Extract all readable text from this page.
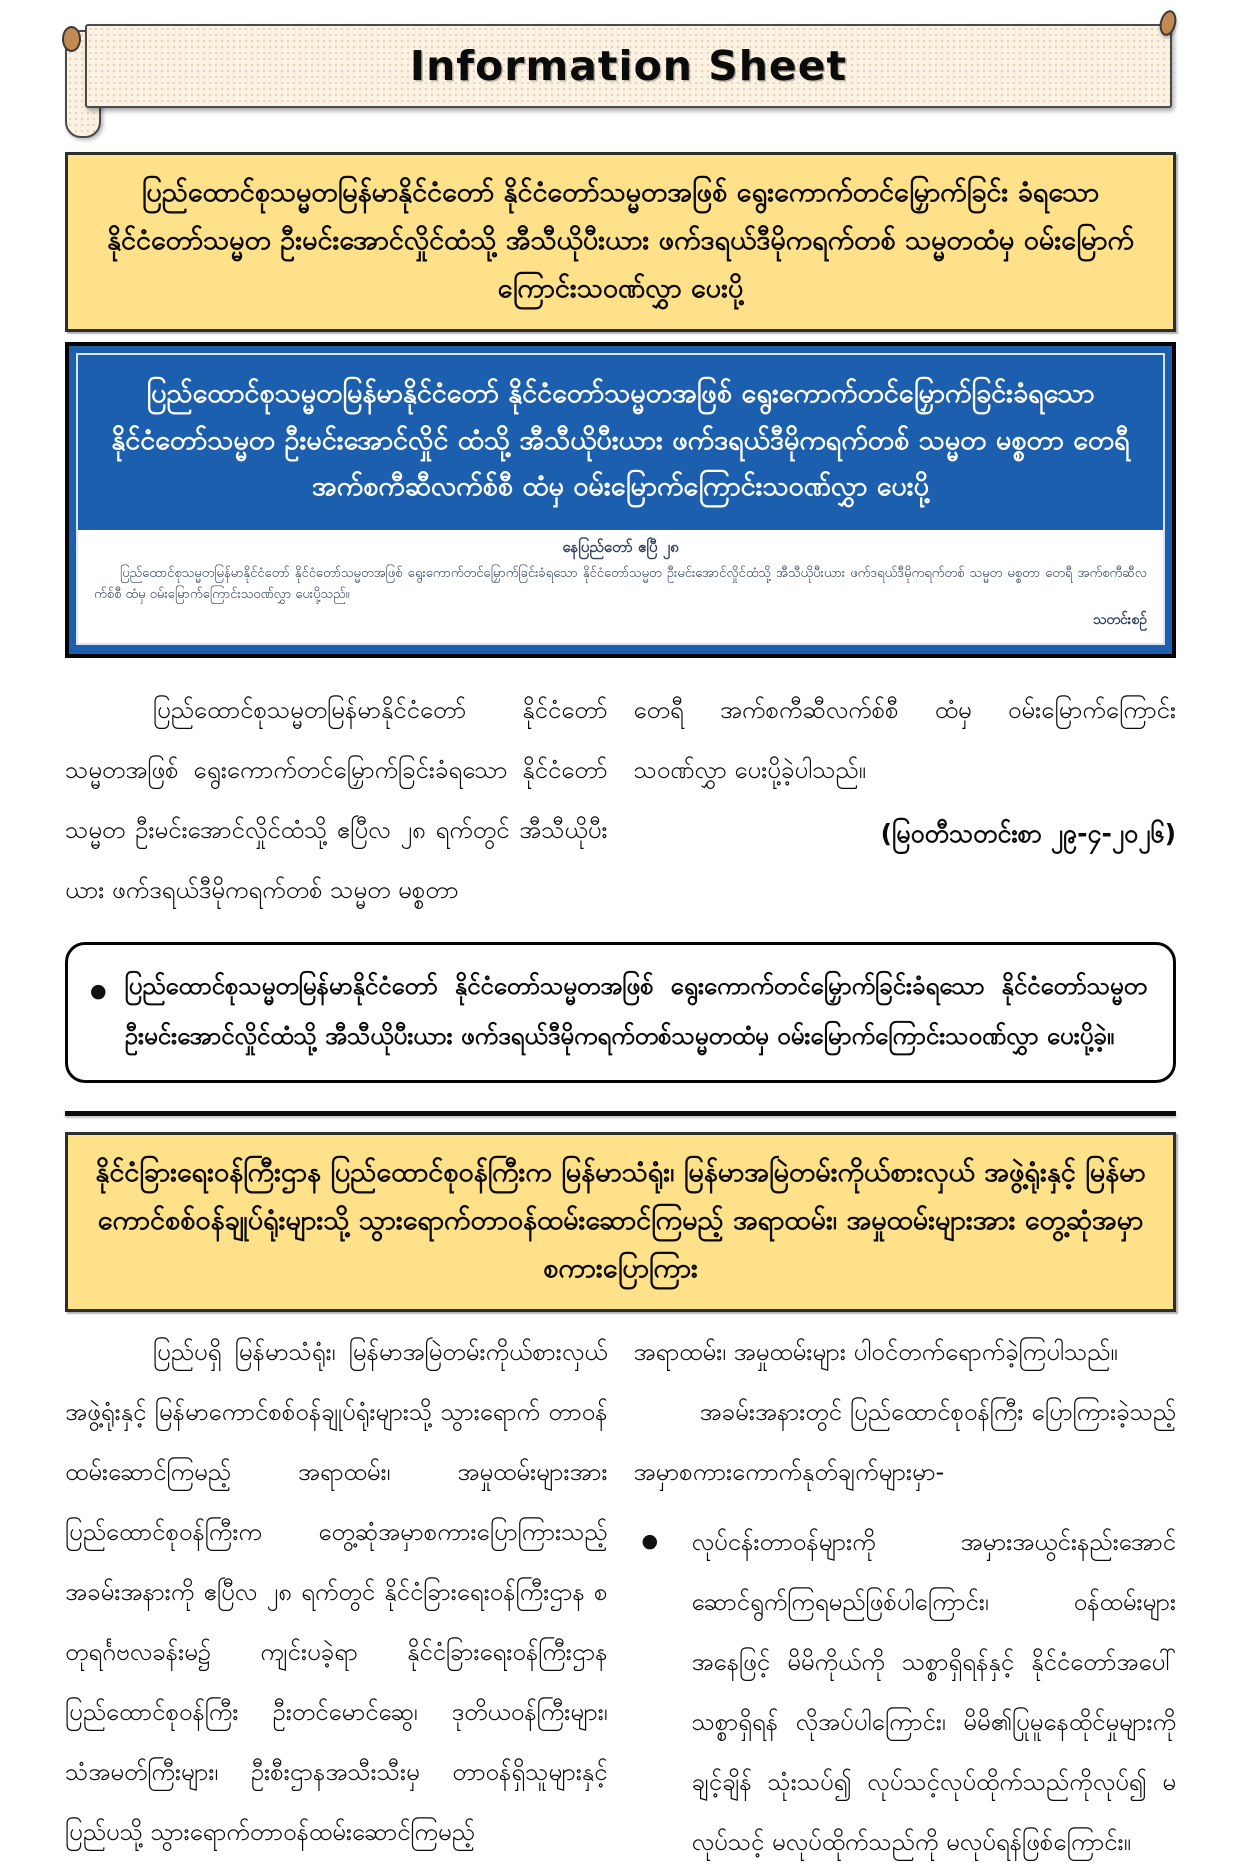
Information Sheet

ပြည်ထောင်စုသမ္မတမြန်မာနိုင်ငံတော် နိုင်ငံတော်သမ္မတအဖြစ် ရွေးကောက်တင်မြှောက်ခြင်း ခံရသော နိုင်ငံတော်သမ္မတ ဦးမင်းအောင်လှိုင်ထံသို့ အီသီယိုပီးယား ဖက်ဒရယ်ဒီမိုကရက်တစ် သမ္မတထံမှ ဝမ်းမြောက်ကြောင်းသဝဏ်လွှာ ပေးပို့

ပြည်ထောင်စုသမ္မတမြန်မာနိုင်ငံတော် နိုင်ငံတော်သမ္မတအဖြစ် ရွေးကောက်တင်မြှောက်ခြင်းခံရသော နိုင်ငံတော်သမ္မတ ဦးမင်းအောင်လှိုင် ထံသို့ အီသီယိုပီးယား ဖက်ဒရယ်ဒီမိုကရက်တစ် သမ္မတ မစ္စတာ တေရီ အက်စကီဆီလက်စ်စီ ထံမှ ဝမ်းမြောက်ကြောင်းသဝဏ်လွှာ ပေးပို့

နေပြည်တော် ဧပြီ ၂၈

ပြည်ထောင်စုသမ္မတမြန်မာနိုင်ငံတော် နိုင်ငံတော်သမ္မတအဖြစ် ရွေးကောက်တင်မြှောက်ခြင်းခံရသော နိုင်ငံတော်သမ္မတ ဦးမင်းအောင်လှိုင်ထံသို့ အီသီယိုပီးယား ဖက်ဒရယ်ဒီမိုကရက်တစ် သမ္မတ မစ္စတာ တေရီ အက်စကီဆီလက်စ်စီ ထံမှ ဝမ်းမြောက်ကြောင်းသဝဏ်လွှာ ပေးပို့သည်။

သတင်းစဉ်

ပြည်ထောင်စုသမ္မတမြန်မာနိုင်ငံတော် နိုင်ငံတော်သမ္မတအဖြစ် ရွေးကောက်တင်မြှောက်ခြင်းခံရသော နိုင်ငံတော်သမ္မတ ဦးမင်းအောင်လှိုင်ထံသို့ ဧပြီလ ၂၈ ရက်တွင် အီသီယိုပီးယား ဖက်ဒရယ်ဒီမိုကရက်တစ် သမ္မတ မစ္စတာ

တေရီ အက်စကီဆီလက်စ်စီ ထံမှ ဝမ်းမြောက်ကြောင်း သဝဏ်လွှာ ပေးပို့ခဲ့ပါသည်။

(မြဝတီသတင်းစာ ၂၉-၄-၂၀၂၆)

● ပြည်ထောင်စုသမ္မတမြန်မာနိုင်ငံတော် နိုင်ငံတော်သမ္မတအဖြစ် ရွေးကောက်တင်မြှောက်ခြင်းခံရသော နိုင်ငံတော်သမ္မတ ဦးမင်းအောင်လှိုင်ထံသို့ အီသီယိုပီးယား ဖက်ဒရယ်ဒီမိုကရက်တစ်သမ္မတထံမှ ဝမ်းမြောက်ကြောင်းသဝဏ်လွှာ ပေးပို့ခဲ့။

နိုင်ငံခြားရေးဝန်ကြီးဌာန ပြည်ထောင်စုဝန်ကြီးက မြန်မာသံရုံး၊ မြန်မာအမြဲတမ်းကိုယ်စားလှယ် အဖွဲ့ရုံးနှင့် မြန်မာကောင်စစ်ဝန်ချုပ်ရုံးများသို့ သွားရောက်တာဝန်ထမ်းဆောင်ကြမည့် အရာထမ်း၊ အမှုထမ်းများအား တွေ့ဆုံအမှာစကားပြောကြား

ပြည်ပရှိ မြန်မာသံရုံး၊ မြန်မာအမြဲတမ်းကိုယ်စားလှယ် အဖွဲ့ရုံးနှင့် မြန်မာကောင်စစ်ဝန်ချုပ်ရုံးများသို့ သွားရောက် တာဝန်ထမ်းဆောင်ကြမည့် အရာထမ်း၊ အမှုထမ်းများအား ပြည်ထောင်စုဝန်ကြီးက တွေ့ဆုံအမှာစကားပြောကြားသည့် အခမ်းအနားကို ဧပြီလ ၂၈ ရက်တွင် နိုင်ငံခြားရေးဝန်ကြီးဌာန စတုရင်္ဂဗလခန်းမ၌ ကျင်းပခဲ့ရာ နိုင်ငံခြားရေးဝန်ကြီးဌာန ပြည်ထောင်စုဝန်ကြီး ဦးတင်မောင်ဆွေ၊ ဒုတိယဝန်ကြီးများ၊ သံအမတ်ကြီးများ၊ ဦးစီးဌာနအသီးသီးမှ တာဝန်ရှိသူများနှင့် ပြည်ပသို့ သွားရောက်တာဝန်ထမ်းဆောင်ကြမည့်

အရာထမ်း၊ အမှုထမ်းများ ပါဝင်တက်ရောက်ခဲ့ကြပါသည်။

အခမ်းအနားတွင် ပြည်ထောင်စုဝန်ကြီး ပြောကြားခဲ့သည့် အမှာစကားကောက်နုတ်ချက်များမှာ-

●	လုပ်ငန်းတာဝန်များကို အမှားအယွင်းနည်းအောင် ဆောင်ရွက်ကြရမည်ဖြစ်ပါကြောင်း၊ ဝန်ထမ်းများအနေဖြင့် မိမိကိုယ်ကို သစ္စာရှိရန်နှင့် နိုင်ငံတော်အပေါ်သစ္စာရှိရန် လိုအပ်ပါကြောင်း၊ မိမိ၏ပြုမူနေထိုင်မှုများကို ချင့်ချိန် သုံးသပ်၍ လုပ်သင့်လုပ်ထိုက်သည်ကိုလုပ်၍ မလုပ်သင့် မလုပ်ထိုက်သည်ကို မလုပ်ရန်ဖြစ်ကြောင်း။
